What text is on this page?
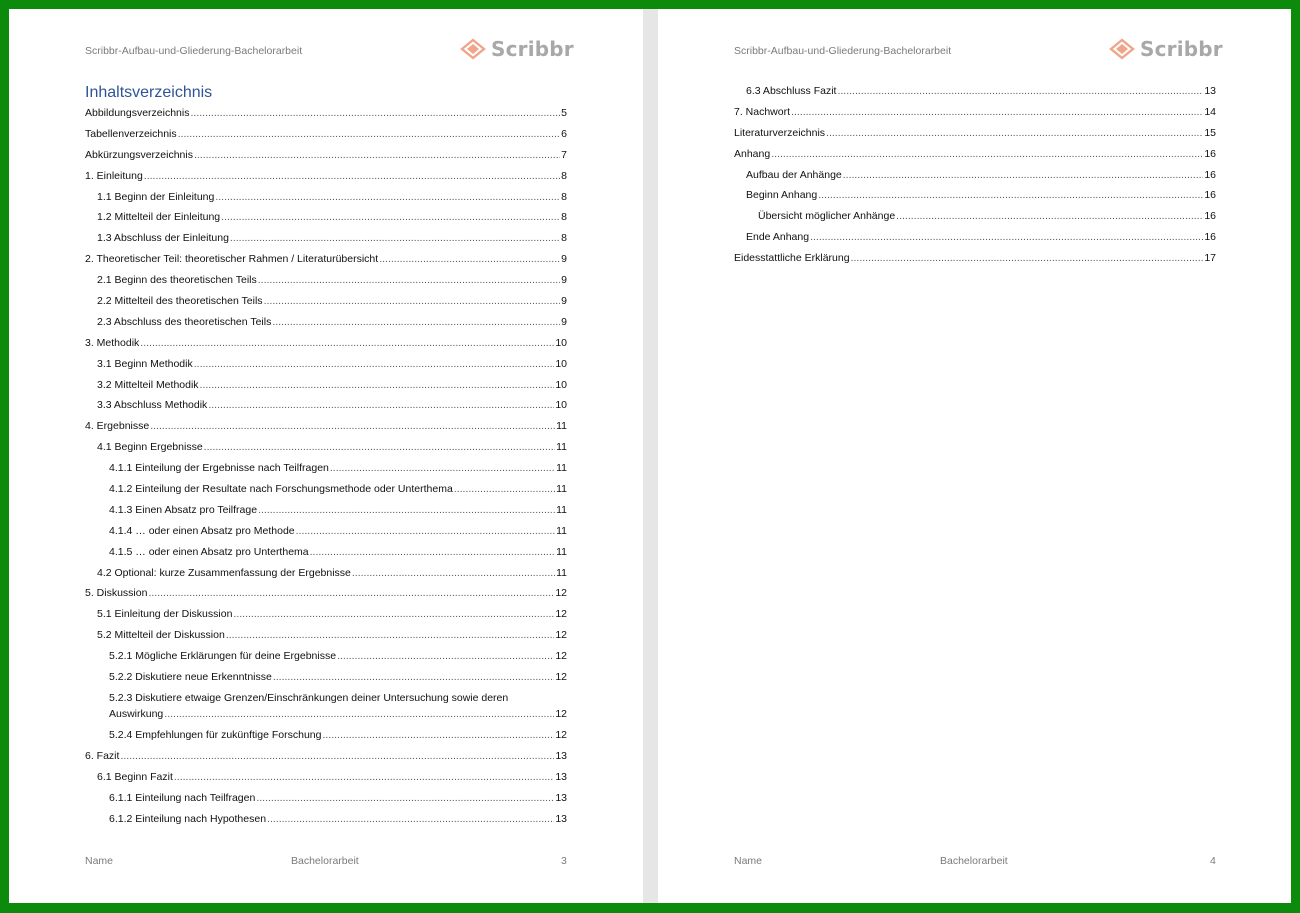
Scribbr-Aufbau-und-Gliederung-Bachelorarbeit	Scribbr
Inhaltsverzeichnis
Abbildungsverzeichnis .....	5
Tabellenverzeichnis .....	6
Abkürzungsverzeichnis .....	7
1. Einleitung .....	8
1.1 Beginn der Einleitung .....	8
1.2 Mittelteil der Einleitung .....	8
1.3 Abschluss der Einleitung .....	8
2. Theoretischer Teil: theoretischer Rahmen / Literaturübersicht .....	9
2.1 Beginn des theoretischen Teils .....	9
2.2 Mittelteil des theoretischen Teils .....	9
2.3 Abschluss des theoretischen Teils .....	9
3. Methodik .....	10
3.1 Beginn Methodik .....	10
3.2 Mittelteil Methodik .....	10
3.3 Abschluss Methodik .....	10
4. Ergebnisse .....	11
4.1 Beginn Ergebnisse .....	11
4.1.1 Einteilung der Ergebnisse nach Teilfragen .....	11
4.1.2 Einteilung der Resultate nach Forschungsmethode oder Unterthema .....	11
4.1.3 Einen Absatz pro Teilfrage .....	11
4.1.4 … oder einen Absatz pro Methode .....	11
4.1.5 … oder einen Absatz pro Unterthema .....	11
4.2 Optional: kurze Zusammenfassung der Ergebnisse .....	11
5. Diskussion .....	12
5.1 Einleitung der Diskussion .....	12
5.2 Mittelteil der Diskussion .....	12
5.2.1 Mögliche Erklärungen für deine Ergebnisse .....	12
5.2.2 Diskutiere neue Erkenntnisse .....	12
5.2.3 Diskutiere etwaige Grenzen/Einschränkungen deiner Untersuchung sowie deren
Auswirkung .....	12
5.2.4 Empfehlungen für zukünftige Forschung .....	12
6. Fazit .....	13
6.1 Beginn Fazit .....	13
6.1.1 Einteilung nach Teilfragen .....	13
6.1.2 Einteilung nach Hypothesen .....	13
Name	Bachelorarbeit	3
Scribbr-Aufbau-und-Gliederung-Bachelorarbeit	Scribbr
6.3 Abschluss Fazit .....	13
7. Nachwort .....	14
Literaturverzeichnis .....	15
Anhang .....	16
Aufbau der Anhänge .....	16
Beginn Anhang .....	16
Übersicht möglicher Anhänge .....	16
Ende Anhang .....	16
Eidesstattliche Erklärung .....	17
Name	Bachelorarbeit	4
